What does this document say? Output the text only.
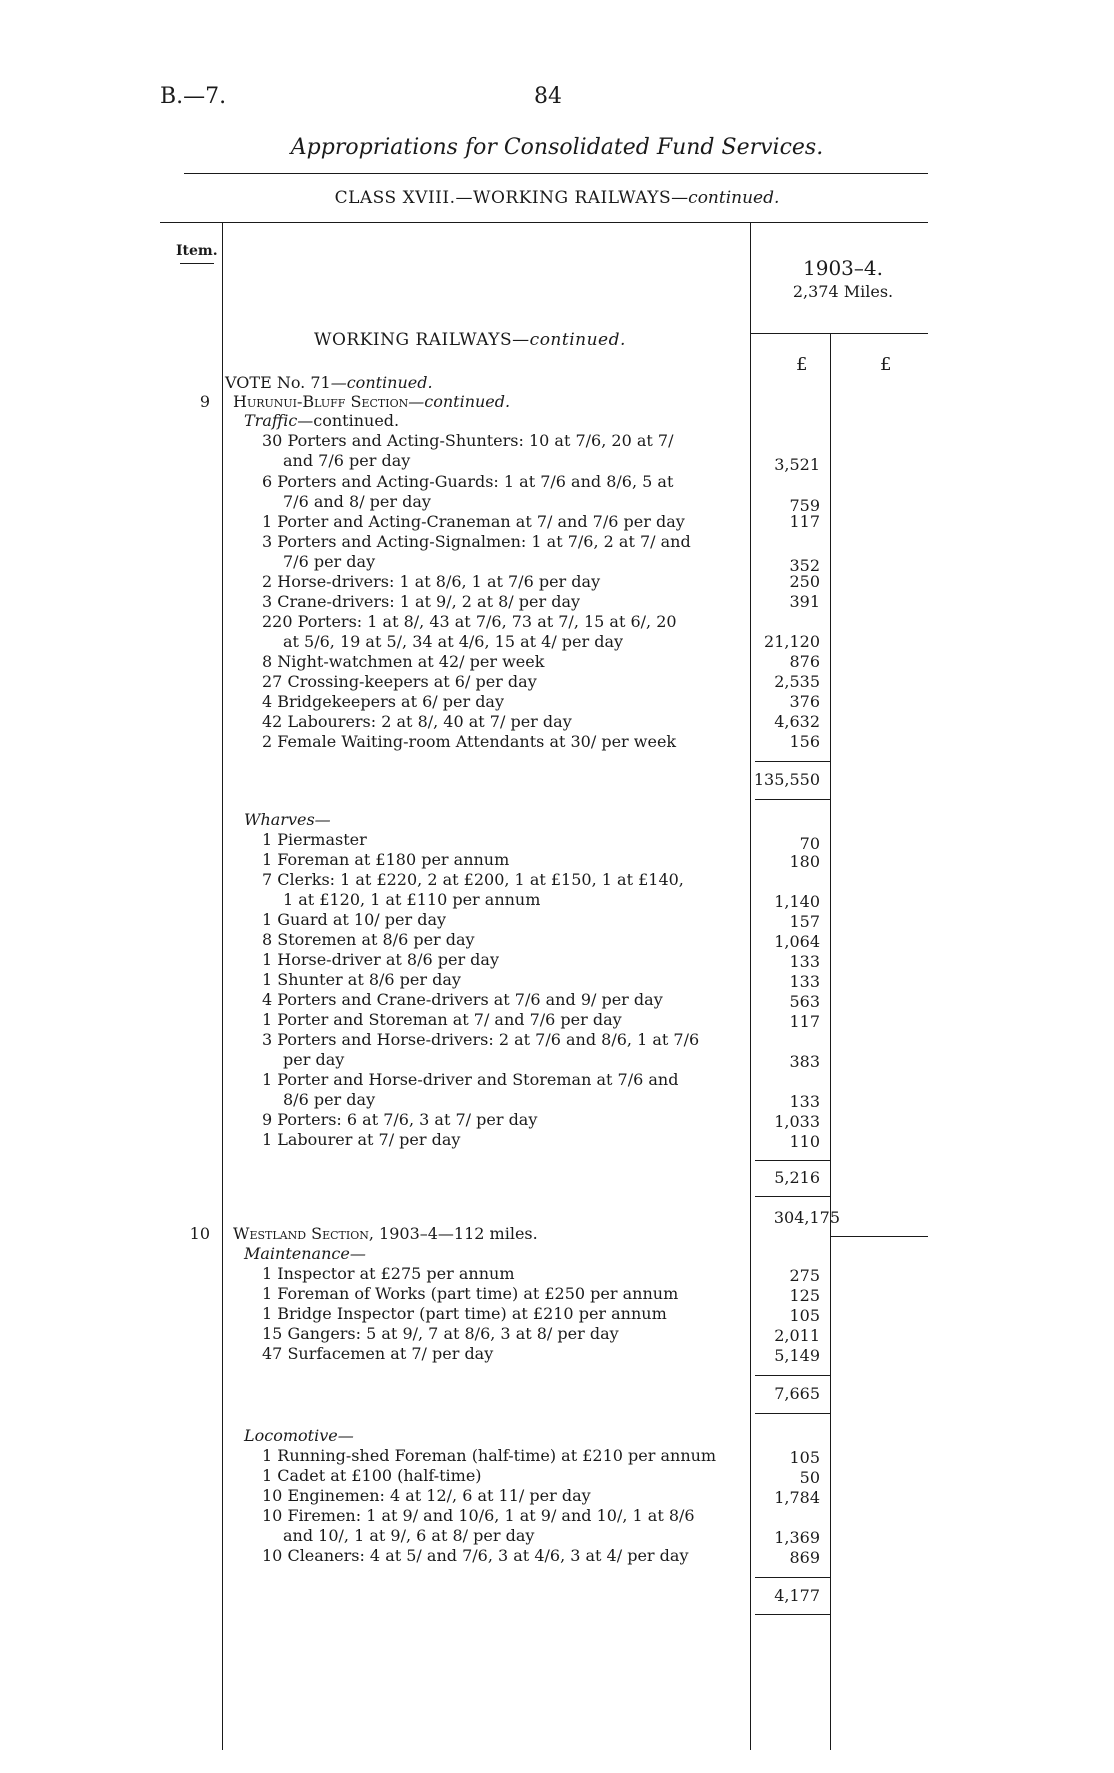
B.—7.	84
Appropriations for Consolidated Fund Services.
CLASS XVIII.—WORKING RAILWAYS—continued.
Item.
1903–4.
2,374 Miles.
£	£
WORKING RAILWAYS—continued.
VOTE No. 71—continued.
9 Hurunui-Bluff Section—continued.
Traffic—continued.
30 Porters and Acting-Shunters: 10 at 7/6, 20 at 7/
and 7/6 per day	3,521
6 Porters and Acting-Guards: 1 at 7/6 and 8/6, 5 at
7/6 and 8/ per day	759
1 Porter and Acting-Craneman at 7/ and 7/6 per day	117
3 Porters and Acting-Signalmen: 1 at 7/6, 2 at 7/ and
7/6 per day	352
2 Horse-drivers: 1 at 8/6, 1 at 7/6 per day	250
3 Crane-drivers: 1 at 9/, 2 at 8/ per day	391
220 Porters: 1 at 8/, 43 at 7/6, 73 at 7/, 15 at 6/, 20
at 5/6, 19 at 5/, 34 at 4/6, 15 at 4/ per day	21,120
8 Night-watchmen at 42/ per week	876
27 Crossing-keepers at 6/ per day	2,535
4 Bridgekeepers at 6/ per day	376
42 Labourers: 2 at 8/, 40 at 7/ per day	4,632
2 Female Waiting-room Attendants at 30/ per week	156
135,550
Wharves—
1 Piermaster	70
1 Foreman at £180 per annum	180
7 Clerks: 1 at £220, 2 at £200, 1 at £150, 1 at £140,
1 at £120, 1 at £110 per annum	1,140
1 Guard at 10/ per day	157
8 Storemen at 8/6 per day	1,064
1 Horse-driver at 8/6 per day	133
1 Shunter at 8/6 per day	133
4 Porters and Crane-drivers at 7/6 and 9/ per day	563
1 Porter and Storeman at 7/ and 7/6 per day	117
3 Porters and Horse-drivers: 2 at 7/6 and 8/6, 1 at 7/6
per day	383
1 Porter and Horse-driver and Storeman at 7/6 and
8/6 per day	133
9 Porters: 6 at 7/6, 3 at 7/ per day	1,033
1 Labourer at 7/ per day	110
5,216
304,175
10 Westland Section, 1903–4—112 miles.
Maintenance—
1 Inspector at £275 per annum	275
1 Foreman of Works (part time) at £250 per annum	125
1 Bridge Inspector (part time) at £210 per annum	105
15 Gangers: 5 at 9/, 7 at 8/6, 3 at 8/ per day	2,011
47 Surfacemen at 7/ per day	5,149
7,665
Locomotive—
1 Running-shed Foreman (half-time) at £210 per annum	105
1 Cadet at £100 (half-time)	50
10 Enginemen: 4 at 12/, 6 at 11/ per day	1,784
10 Firemen: 1 at 9/ and 10/6, 1 at 9/ and 10/, 1 at 8/6
and 10/, 1 at 9/, 6 at 8/ per day	1,369
10 Cleaners: 4 at 5/ and 7/6, 3 at 4/6, 3 at 4/ per day	869
4,177
